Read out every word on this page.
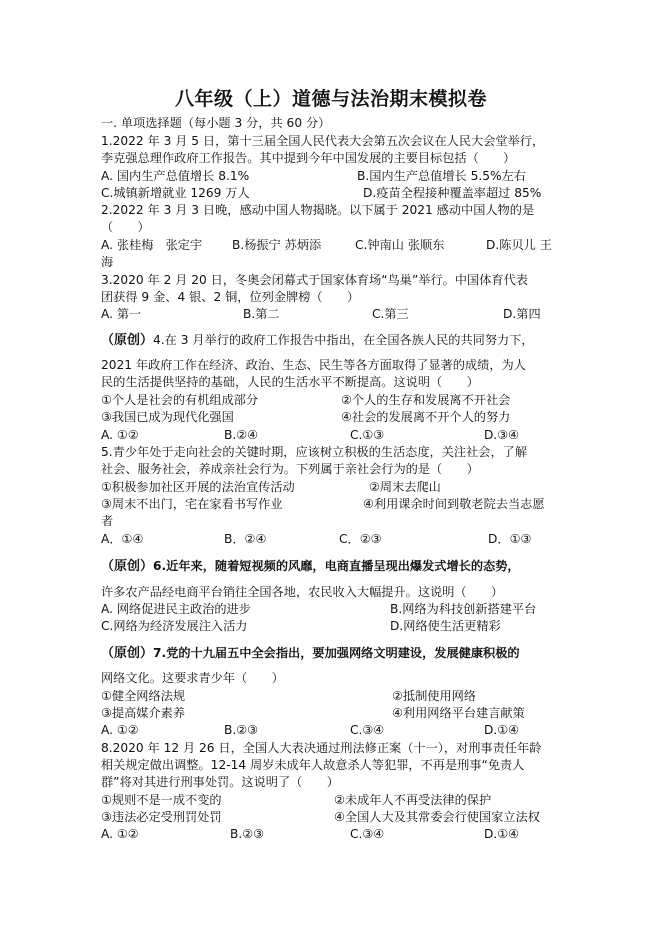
八年级（上）道德与法治期末模拟卷
一. 单项选择题（每小题 3 分，共 60 分）
1.2022 年 3 月 5 日，第十三届全国人民代表大会第五次会议在人民大会堂举行，
李克强总理作政府工作报告。其中提到今年中国发展的主要目标包括（　　）
A. 国内生产总值增长 8.1%	B.国内生产总值增长 5.5%左右
C.城镇新增就业 1269 万人	D.疫苗全程接种覆盖率超过 85%
2.2022 年 3 月 3 日晚，感动中国人物揭晓。以下属于 2021 感动中国人物的是
（　　）
A. 张桂梅　张定宇 B.杨振宁 苏炳添	C.钟南山 张顺东	D.陈贝儿 王
海
3.2020 年 2 月 20 日，冬奥会闭幕式于国家体育场“鸟巢”举行。中国体育代表
团获得 9 金、4 银、2 铜，位列金牌榜（　　）
A. 第一	B.第二	C.第三	D.第四
（原创）4.在 3 月举行的政府工作报告中指出，在全国各族人民的共同努力下，
2021 年政府工作在经济、政治、生态、民生等各方面取得了显著的成绩，为人
民的生活提供坚持的基础，人民的生活水平不断提高。这说明（　　）
①个人是社会的有机组成部分	②个人的生存和发展离不开社会
③我国已成为现代化强国	④社会的发展离不开个人的努力
A. ①②	B.②④	C.①③	D.③④
5.青少年处于走向社会的关键时期，应该树立积极的生活态度，关注社会，了解
社会、服务社会，养成亲社会行为。下列属于亲社会行为的是（　　）
①积极参加社区开展的法治宣传活动	②周末去爬山
③周末不出门，宅在家看书写作业	④利用课余时间到敬老院去当志愿
者
A．①④	B．②④	C．②③	D．①③
（原创）6.近年来，随着短视频的风靡，电商直播呈现出爆发式增长的态势，
许多农产品经电商平台销往全国各地，农民收入大幅提升。这说明（　　）
A. 网络促进民主政治的进步	B.网络为科技创新搭建平台
C.网络为经济发展注入活力	D.网络使生活更精彩
（原创）7.党的十九届五中全会指出，要加强网络文明建设，发展健康积极的
网络文化。这要求青少年（　　）
①健全网络法规	②抵制使用网络
③提高媒介素养	④利用网络平台建言献策
A. ①②	B.②③	C.③④	D.①④
8.2020 年 12 月 26 日，全国人大表决通过刑法修正案（十一），对刑事责任年龄
相关规定做出调整。12-14 周岁未成年人故意杀人等犯罪，不再是刑事“免责人
群”将对其进行刑事处罚。这说明了（　　）
①规则不是一成不变的	②未成年人不再受法律的保护
③违法必定受刑罚处罚	④全国人大及其常委会行使国家立法权
A. ①②	B.②③	C.③④	D.①④
